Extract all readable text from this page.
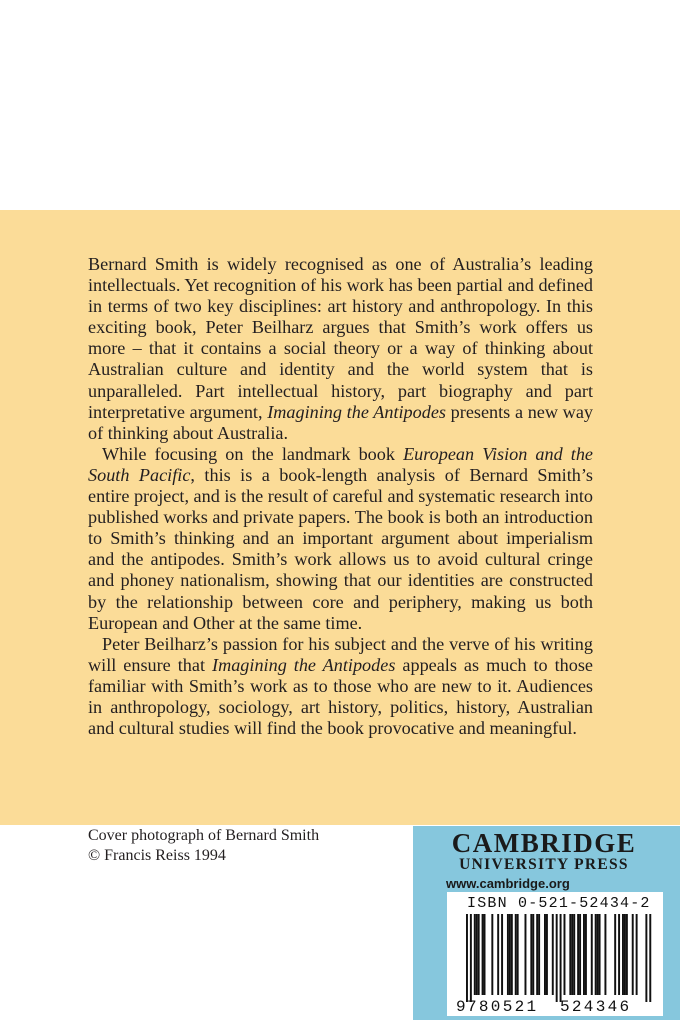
Bernard Smith is widely recognised as one of Australia’s leading intellectuals. Yet recognition of his work has been partial and defined in terms of two key disciplines: art history and anthropology. In this exciting book, Peter Beilharz argues that Smith’s work offers us more – that it contains a social theory or a way of thinking about Australian culture and identity and the world system that is unparalleled. Part intellectual history, part biography and part interpretative argument, Imagining the Antipodes presents a new way of thinking about Australia.

While focusing on the landmark book European Vision and the South Pacific, this is a book-length analysis of Bernard Smith’s entire project, and is the result of careful and systematic research into published works and private papers. The book is both an introduction to Smith’s thinking and an important argument about imperialism and the antipodes. Smith’s work allows us to avoid cultural cringe and phoney nationalism, showing that our identities are constructed by the relationship between core and periphery, making us both European and Other at the same time.

Peter Beilharz’s passion for his subject and the verve of his writing will ensure that Imagining the Antipodes appeals as much to those familiar with Smith’s work as to those who are new to it. Audiences in anthropology, sociology, art history, politics, history, Australian and cultural studies will find the book provocative and meaningful.

Cover photograph of Bernard Smith
© Francis Reiss 1994	CAMBRIDGE
UNIVERSITY PRESS
www.cambridge.org
ISBN 0-521-52434-2
9 780521 524346
